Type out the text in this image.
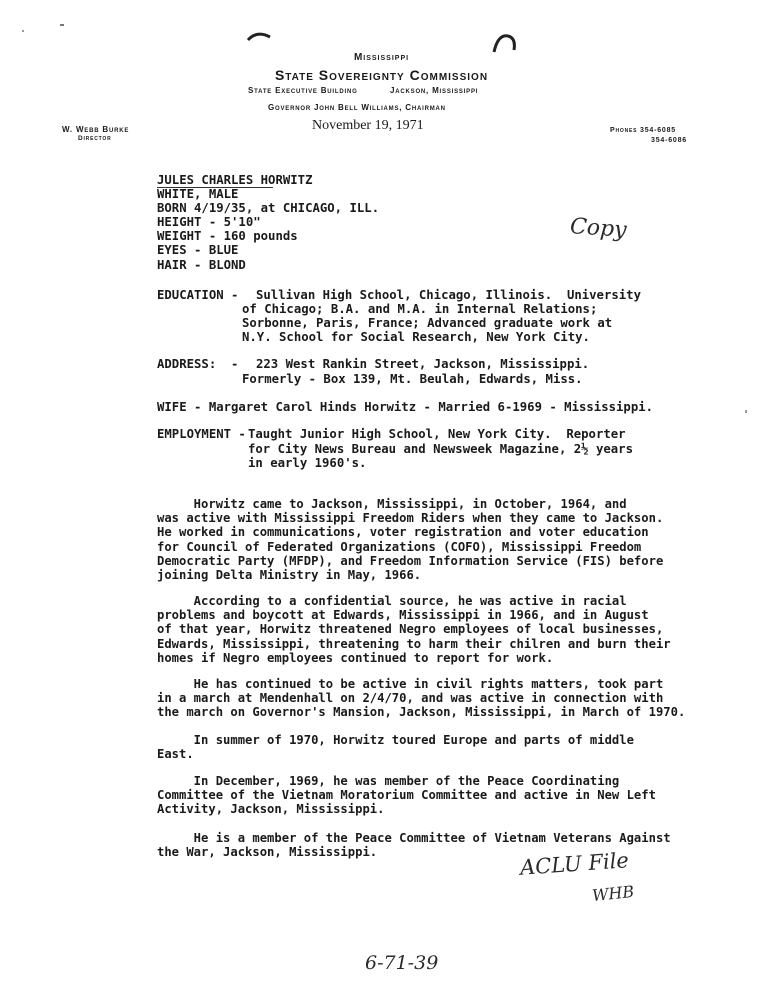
Mississippi
State Sovereignty Commission
State Executive Building	Jackson, Mississippi
Governor John Bell Williams, Chairman
W. Webb Burke
Director
Phones 354-6085
354-6086
November 19, 1971
JULES CHARLES HORWITZ
WHITE, MALE
BORN 4/19/35, at CHICAGO, ILL.
HEIGHT - 5'10"
WEIGHT - 160 pounds
EYES - BLUE
HAIR - BLOND
EDUCATION - Sullivan High School, Chicago, Illinois.  University
of Chicago; B.A. and M.A. in Internal Relations;
Sorbonne, Paris, France; Advanced graduate work at
N.Y. School for Social Research, New York City.
ADDRESS:  - 223 West Rankin Street, Jackson, Mississippi.
Formerly - Box 139, Mt. Beulah, Edwards, Miss.
WIFE - Margaret Carol Hinds Horwitz - Married 6-1969 - Mississippi.
EMPLOYMENT -
Taught Junior High School, New York City.  Reporter
for City News Bureau and Newsweek Magazine, 2½ years
in early 1960's.

Horwitz came to Jackson, Mississippi, in October, 1964, and

was active with Mississippi Freedom Riders when they came to Jackson.

He worked in communications, voter registration and voter education

for Council of Federated Organizations (COFO), Mississippi Freedom

Democratic Party (MFDP), and Freedom Information Service (FIS) before

joining Delta Ministry in May, 1966.

According to a confidential source, he was active in racial

problems and boycott at Edwards, Mississippi in 1966, and in August

of that year, Horwitz threatened Negro employees of local businesses,

Edwards, Mississippi, threatening to harm their chilren and burn their

homes if Negro employees continued to report for work.

He has continued to be active in civil rights matters, took part

in a march at Mendenhall on 2/4/70, and was active in connection with

the march on Governor's Mansion, Jackson, Mississippi, in March of 1970.

In summer of 1970, Horwitz toured Europe and parts of middle

East.

In December, 1969, he was member of the Peace Coordinating

Committee of the Vietnam Moratorium Committee and active in New Left

Activity, Jackson, Mississippi.

He is a member of the Peace Committee of Vietnam Veterans Against

the War, Jackson, Mississippi.

Copy
ACLU File
WHB
6-71-39
